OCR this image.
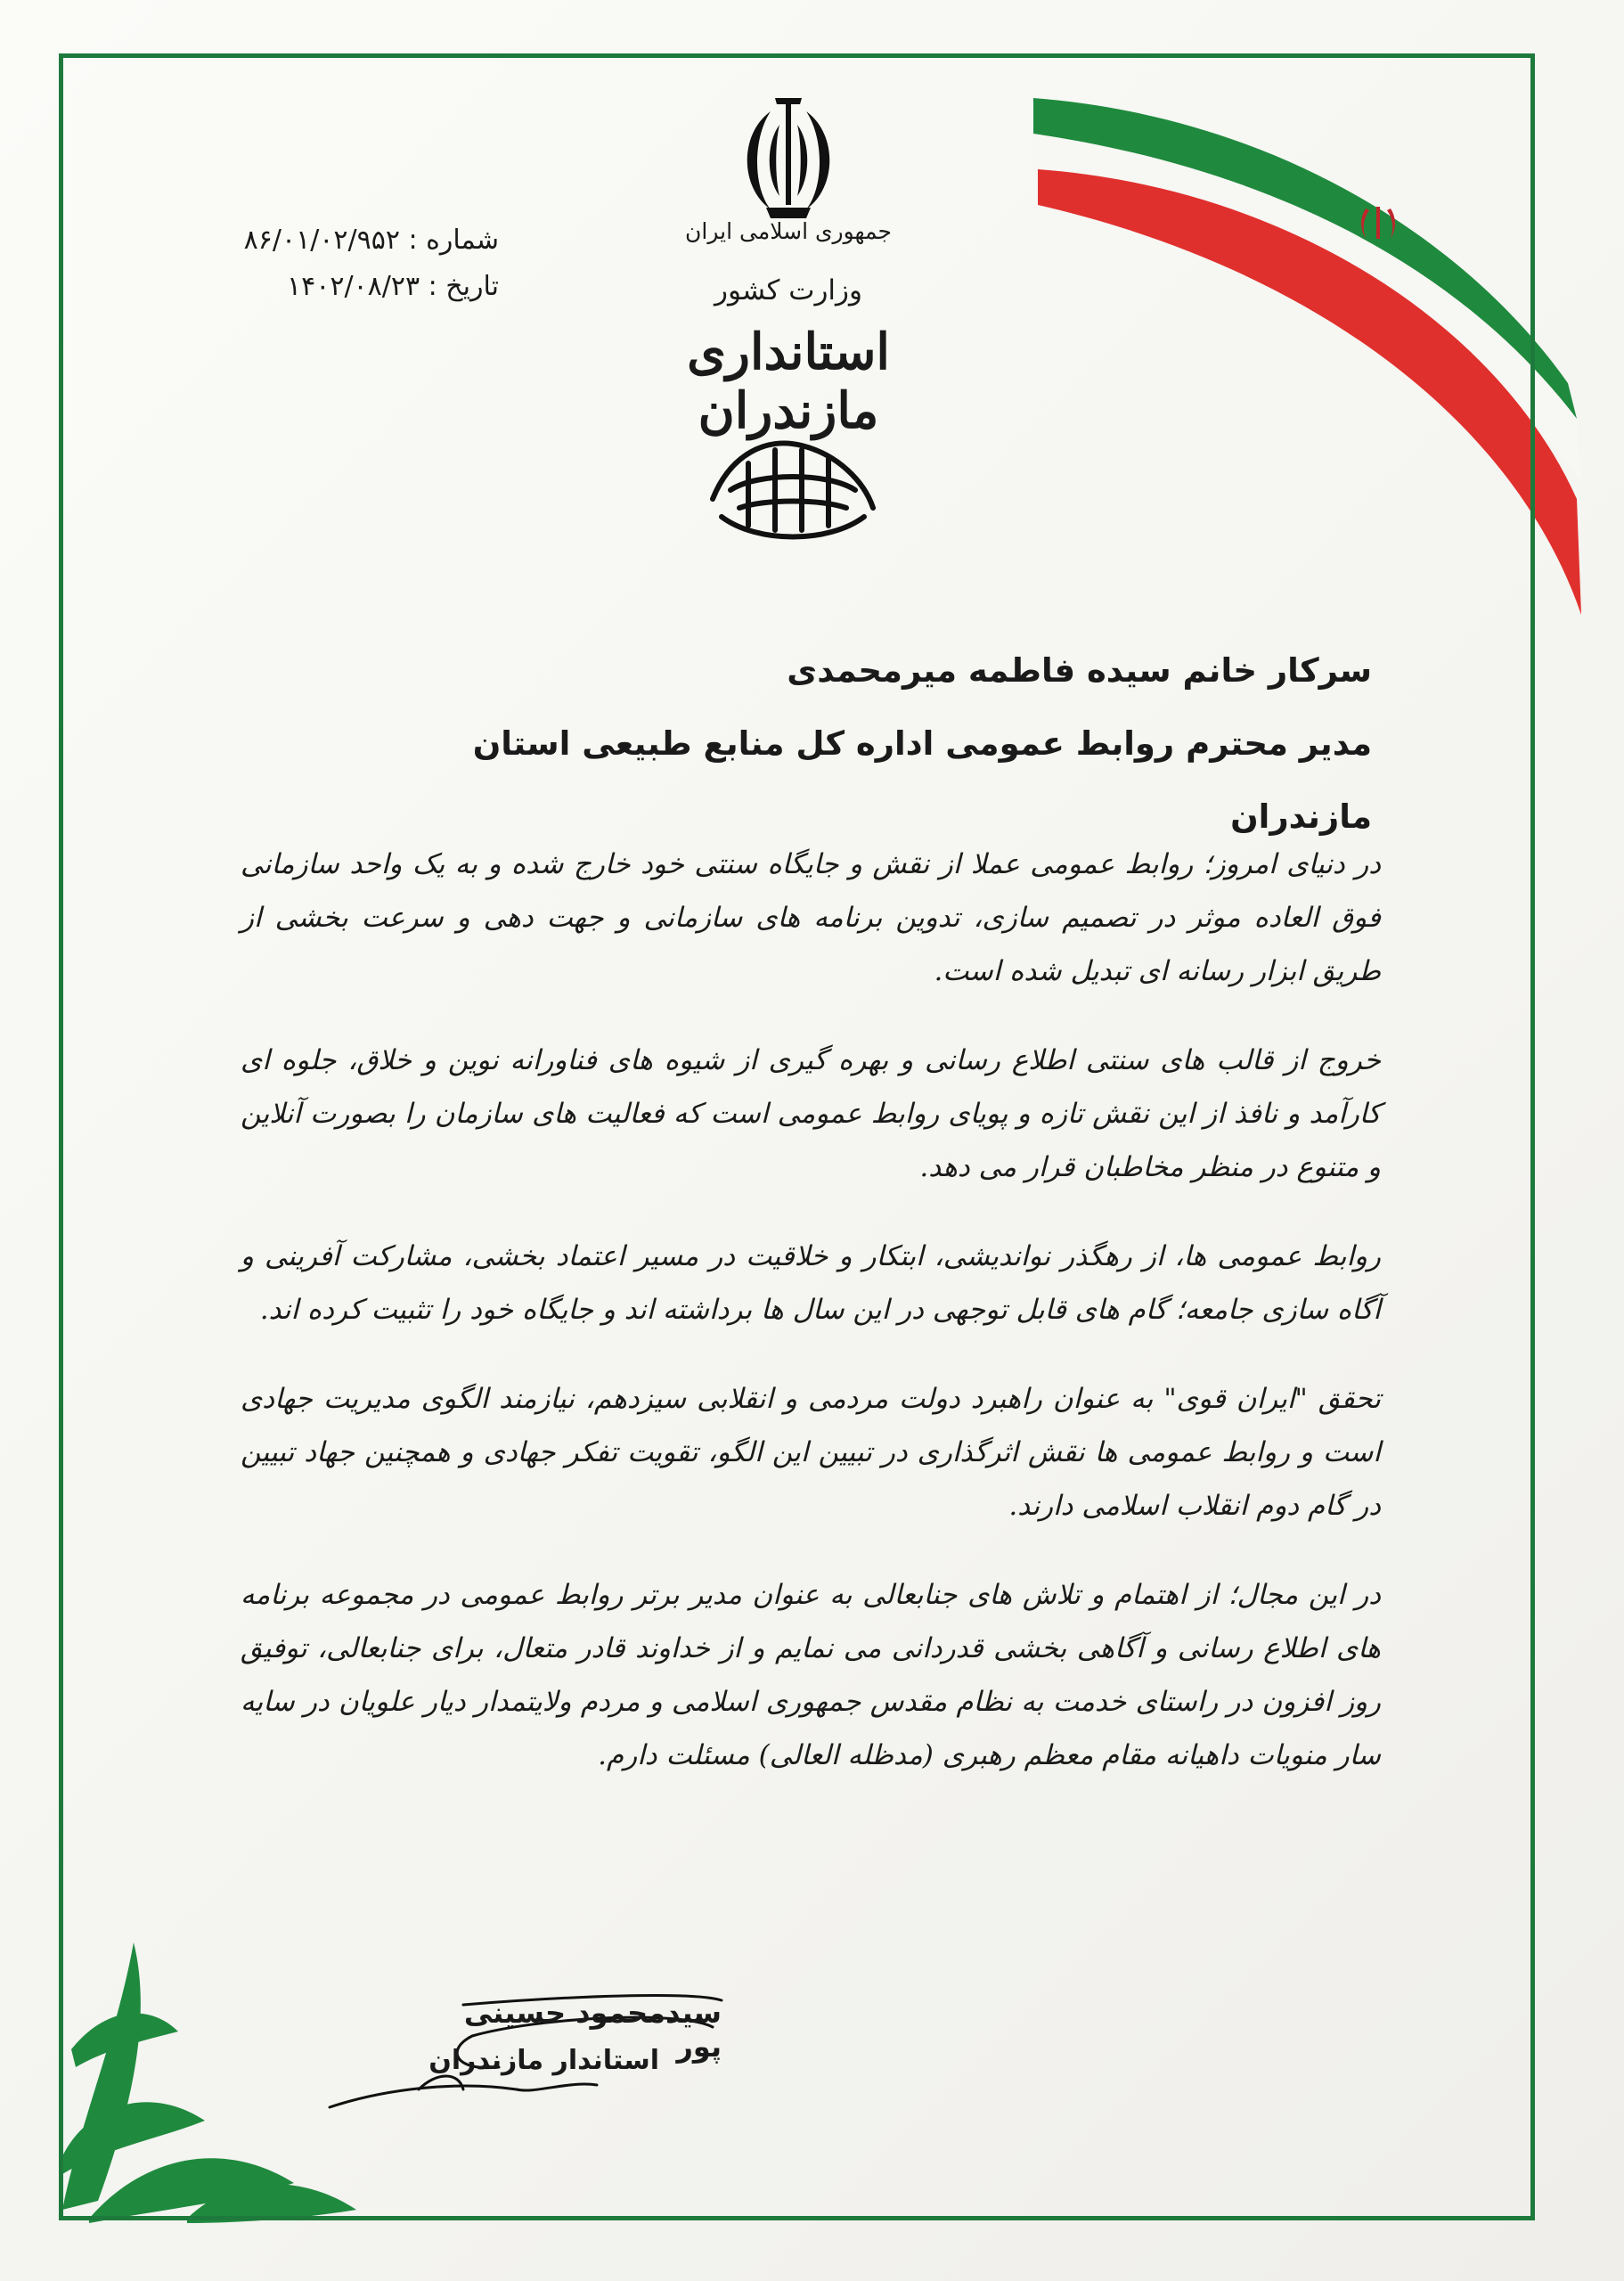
جمهوری اسلامی ایران
وزارت کشور
استانداری مازندران
شماره : ۸۶/۰۱/۰۲/۹۵۲
تاریخ : ۱۴۰۲/۰۸/۲۳
سرکار خانم سیده فاطمه میرمحمدی
مدیر محترم روابط عمومی اداره کل منابع طبیعی استان مازندران

در دنیای امروز؛ روابط عمومی عملا از نقش و جایگاه سنتی خود خارج شده و به یک واحد سازمانی فوق العاده موثر در تصمیم سازی، تدوین برنامه های سازمانی و جهت دهی و سرعت بخشی از طریق ابزار رسانه ای تبدیل شده است.

خروج از قالب های سنتی اطلاع رسانی و بهره گیری از شیوه های فناورانه نوین و خلاق، جلوه ای کارآمد و نافذ از این نقش تازه و پویای روابط عمومی است که فعالیت های سازمان را بصورت آنلاین و متنوع در منظر مخاطبان قرار می دهد.

روابط عمومی ها، از رهگذر نواندیشی، ابتکار و خلاقیت در مسیر اعتماد بخشی، مشارکت آفرینی و آگاه سازی جامعه؛ گام های قابل توجهی در این سال ها برداشته اند و جایگاه خود را تثبیت کرده اند.

تحقق "ایران قوی" به عنوان راهبرد دولت مردمی و انقلابی سیزدهم، نیازمند الگوی مدیریت جهادی است و روابط عمومی ها نقش اثرگذاری در تبیین این الگو، تقویت تفکر جهادی و همچنین جهاد تبیین در گام دوم انقلاب اسلامی دارند.

در این مجال؛ از اهتمام و تلاش های جنابعالی به عنوان مدیر برتر روابط عمومی در مجموعه برنامه های اطلاع رسانی و آگاهی بخشی قدردانی می نمایم و از خداوند قادر متعال، برای جنابعالی، توفیق روز افزون در راستای خدمت به نظام مقدس جمهوری اسلامی و مردم ولایتمدار دیار علویان در سایه سار منویات داهیانه مقام معظم رهبری (مدظله العالی) مسئلت دارم.

سیدمحمود حسینی پور
استاندار مازندران
